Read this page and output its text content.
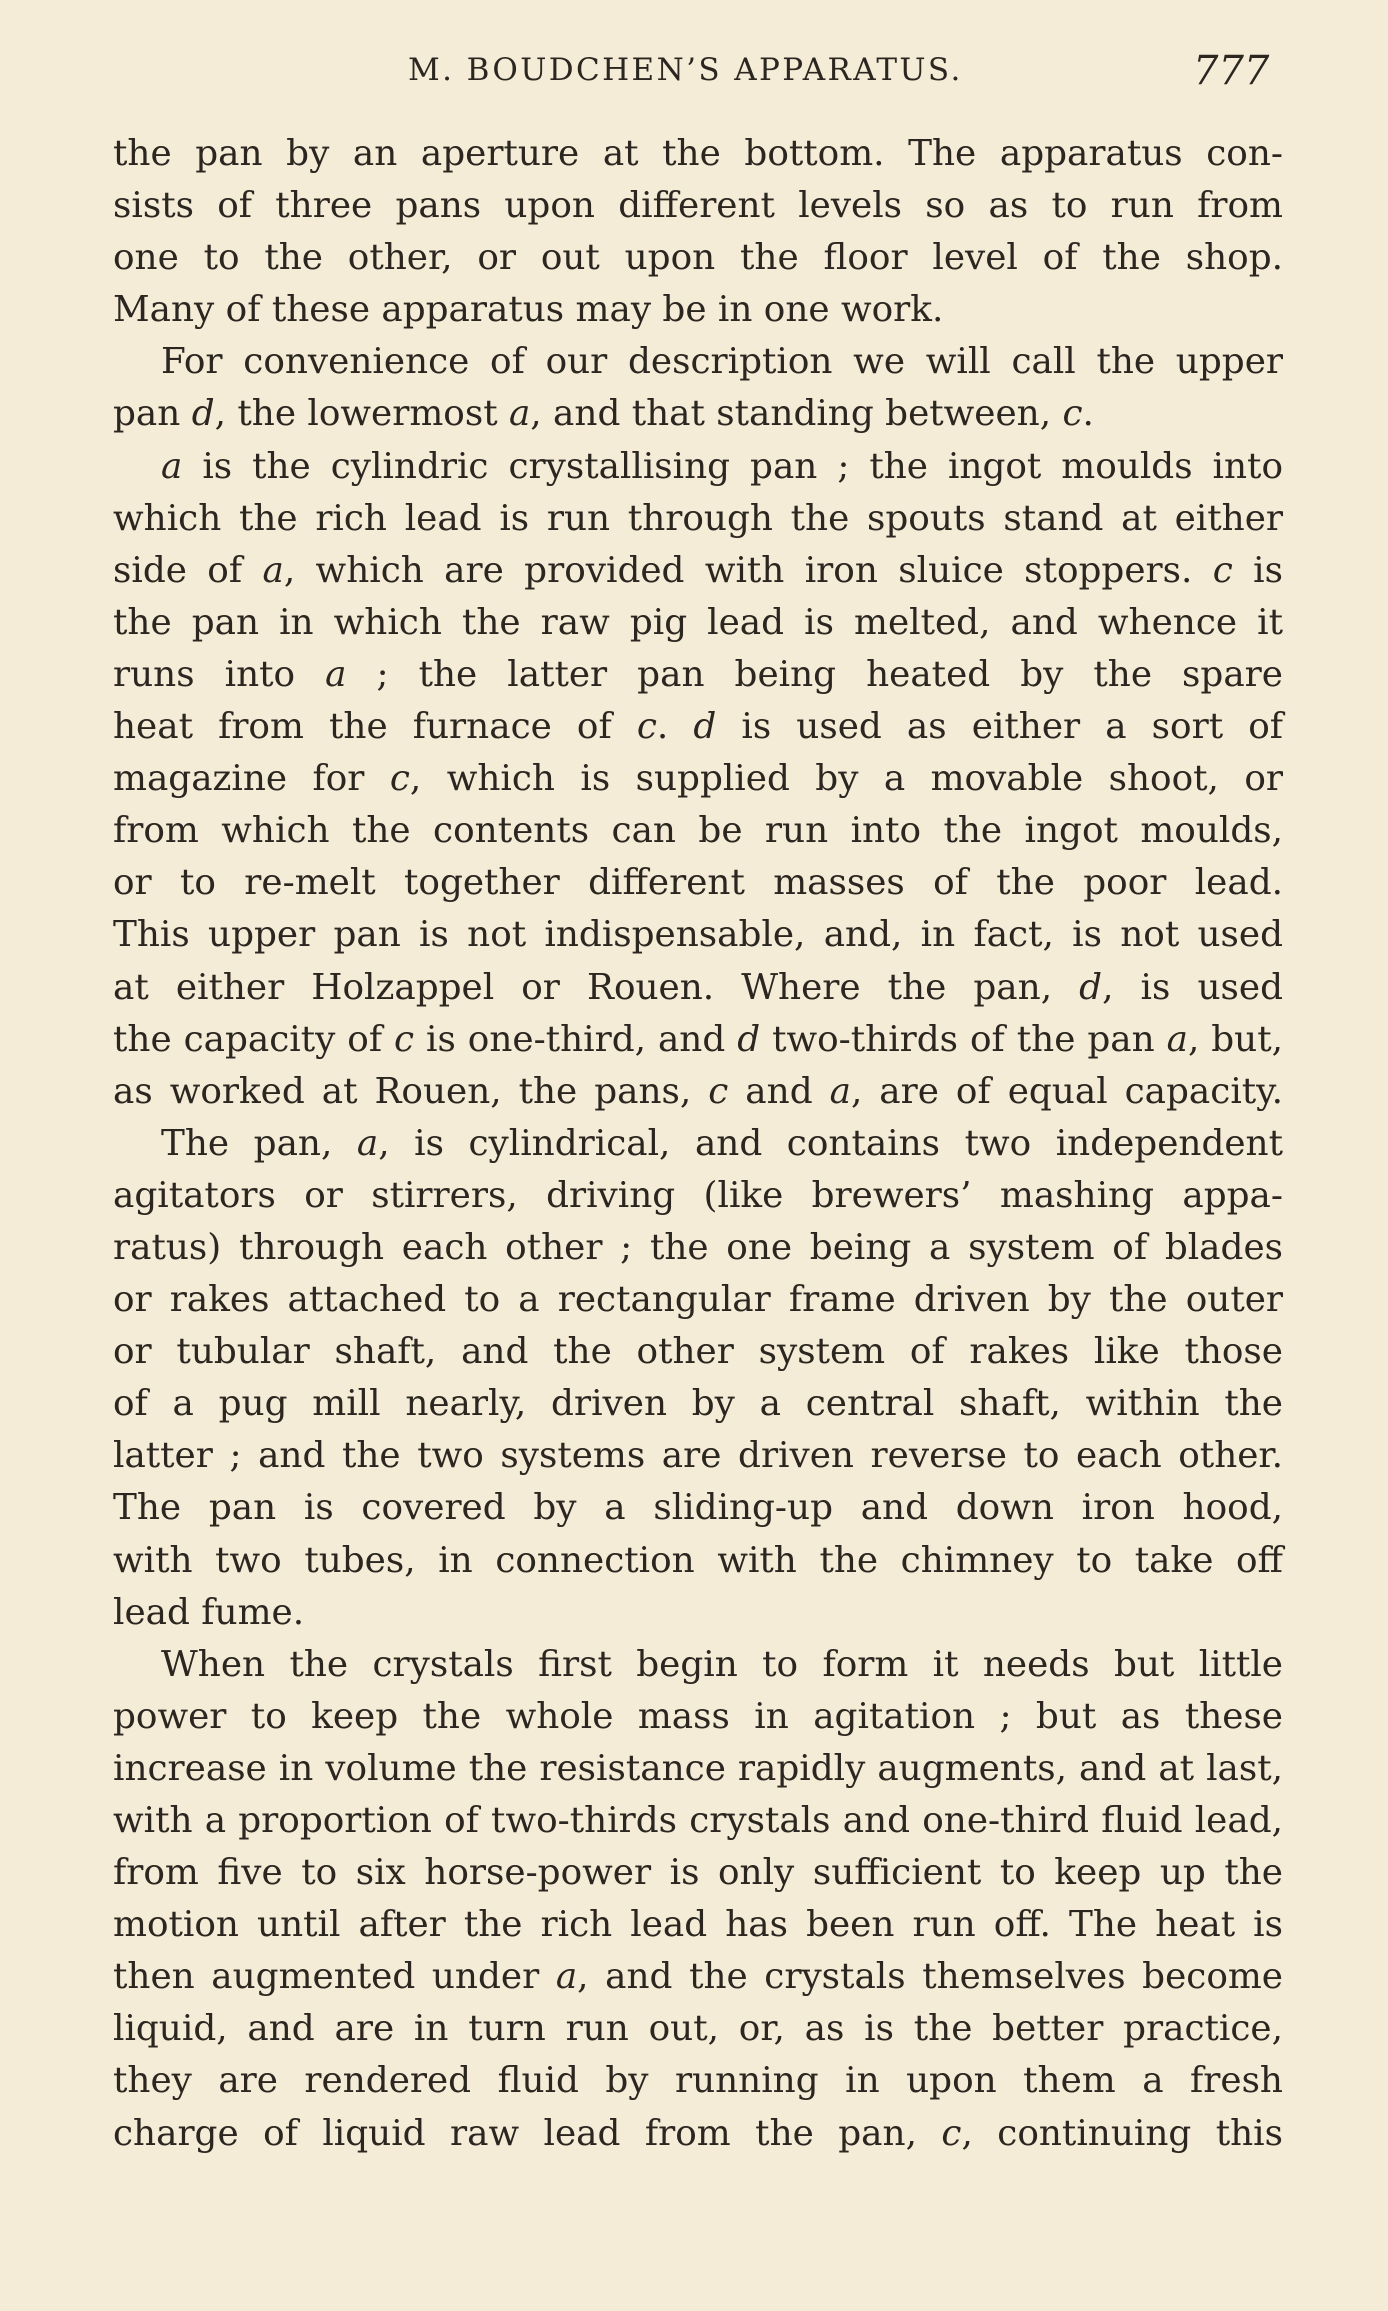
M. BOUDCHEN’S APPARATUS.	777
the pan by an aperture at the bottom. The apparatus con-
sists of three pans upon different levels so as to run from
one to the other, or out upon the floor level of the shop.
Many of these apparatus may be in one work.
For convenience of our description we will call the upper
pan d, the lowermost a, and that standing between, c.
a is the cylindric crystallising pan ; the ingot moulds into
which the rich lead is run through the spouts stand at either
side of a, which are provided with iron sluice stoppers. c is
the pan in which the raw pig lead is melted, and whence it
runs into a ; the latter pan being heated by the spare
heat from the furnace of c. d is used as either a sort of
magazine for c, which is supplied by a movable shoot, or
from which the contents can be run into the ingot moulds,
or to re-melt together different masses of the poor lead.
This upper pan is not indispensable, and, in fact, is not used
at either Holzappel or Rouen. Where the pan, d, is used
the capacity of c is one-third, and d two-thirds of the pan a, but,
as worked at Rouen, the pans, c and a, are of equal capacity.
The pan, a, is cylindrical, and contains two independent
agitators or stirrers, driving (like brewers’ mashing appa-
ratus) through each other ; the one being a system of blades
or rakes attached to a rectangular frame driven by the outer
or tubular shaft, and the other system of rakes like those
of a pug mill nearly, driven by a central shaft, within the
latter ; and the two systems are driven reverse to each other.
The pan is covered by a sliding-up and down iron hood,
with two tubes, in connection with the chimney to take off
lead fume.
When the crystals first begin to form it needs but little
power to keep the whole mass in agitation ; but as these
increase in volume the resistance rapidly augments, and at last,
with a proportion of two-thirds crystals and one-third fluid lead,
from five to six horse-power is only sufficient to keep up the
motion until after the rich lead has been run off. The heat is
then augmented under a, and the crystals themselves become
liquid, and are in turn run out, or, as is the better practice,
they are rendered fluid by running in upon them a fresh
charge of liquid raw lead from the pan, c, continuing this
